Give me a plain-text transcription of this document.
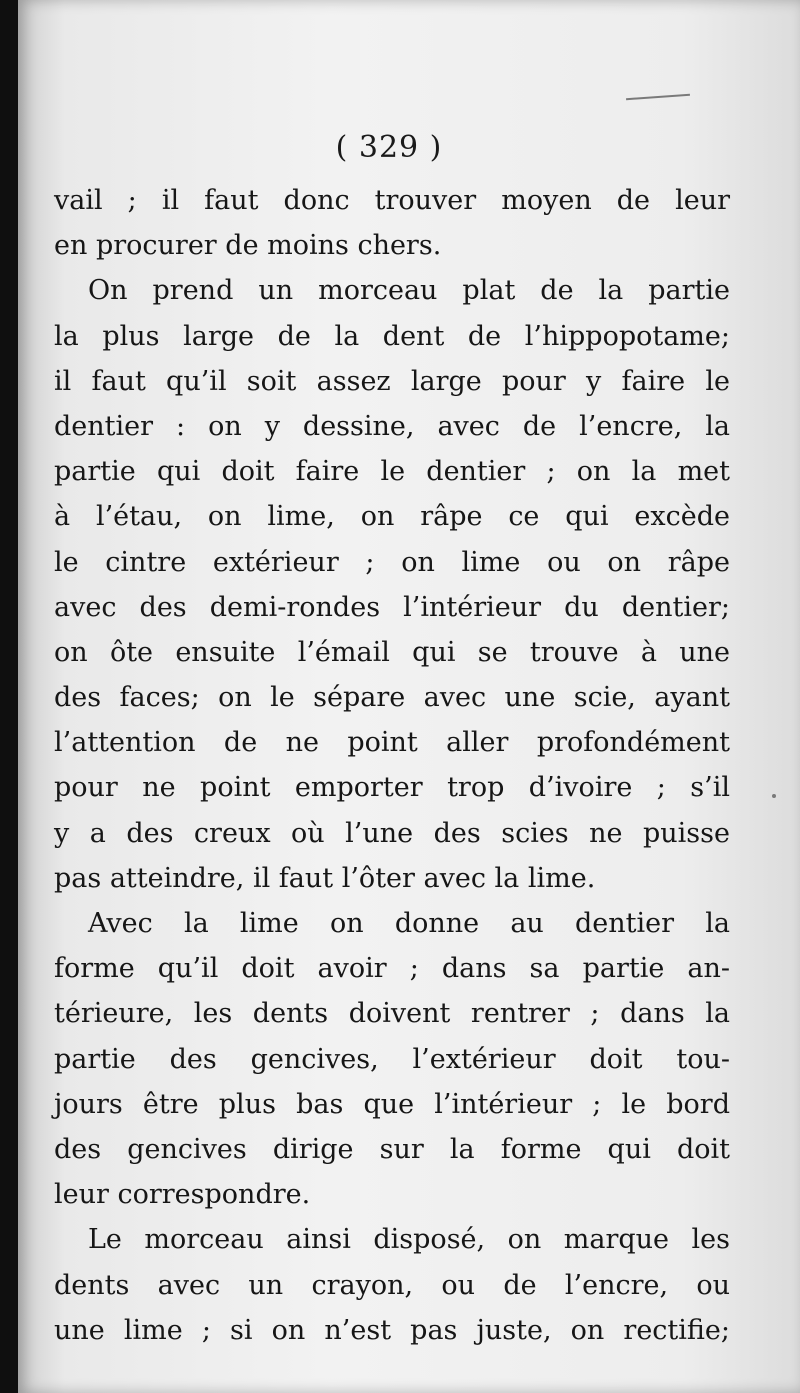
( 329 )
vail ; il faut donc trouver moyen de leur
en procurer de moins chers.
On prend un morceau plat de la partie
la plus large de la dent de l’hippopotame;
il faut qu’il soit assez large pour y faire le
dentier : on y dessine, avec de l’encre, la
partie qui doit faire le dentier ; on la met
à l’étau, on lime, on râpe ce qui excède
le cintre extérieur ; on lime ou on râpe
avec des demi-rondes l’intérieur du dentier;
on ôte ensuite l’émail qui se trouve à une
des faces; on le sépare avec une scie, ayant
l’attention de ne point aller profondément
pour ne point emporter trop d’ivoire ; s’il
y a des creux où l’une des scies ne puisse
pas atteindre, il faut l’ôter avec la lime.
Avec la lime on donne au dentier la
forme qu’il doit avoir ; dans sa partie an-
térieure, les dents doivent rentrer ; dans la
partie des gencives, l’extérieur doit tou-
jours être plus bas que l’intérieur ; le bord
des gencives dirige sur la forme qui doit
leur correspondre.
Le morceau ainsi disposé, on marque les
dents avec un crayon, ou de l’encre, ou
une lime ; si on n’est pas juste, on rectifie;
